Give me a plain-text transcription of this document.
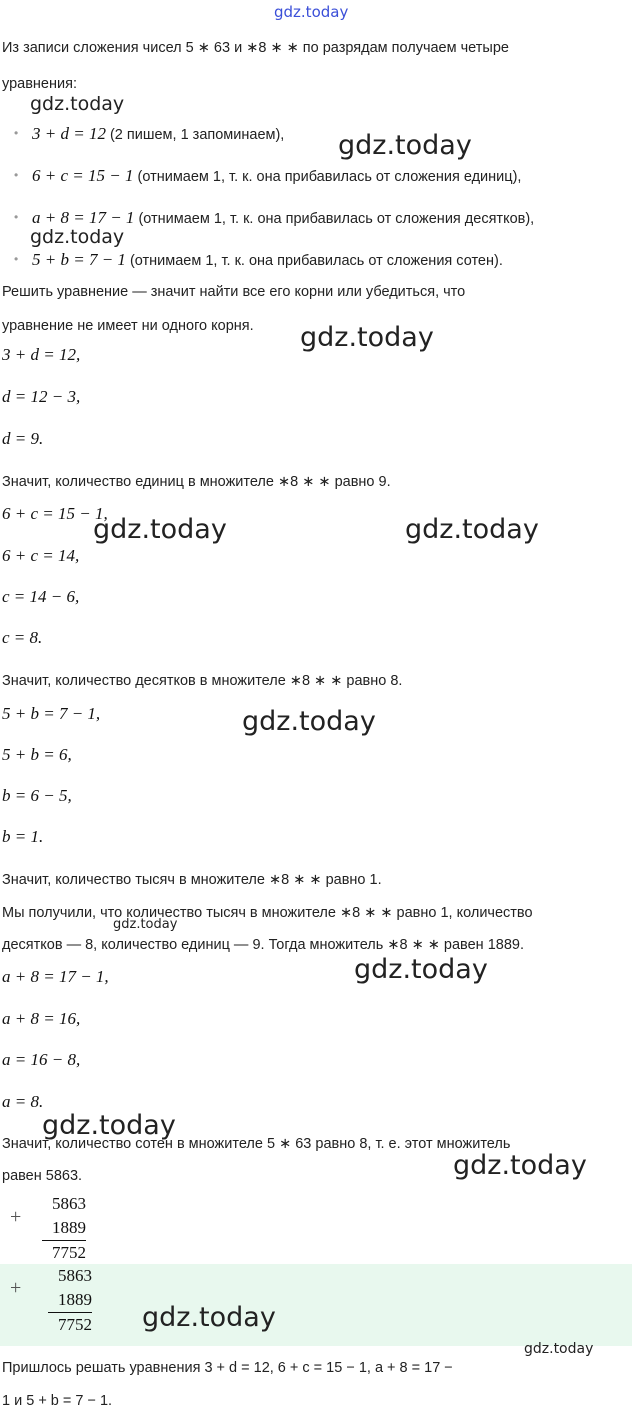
gdz.today
gdz.today
gdz.today
gdz.today
gdz.today
gdz.today	gdz.today
gdz.today
gdz.today
gdz.today
gdz.today
gdz.today
gdz.today
gdz.today
Из записи сложения чисел 5 ∗ 63 и ∗8 ∗ ∗ по разрядам получаем четыре
уравнения:
• 3 + d = 12 (2 пишем, 1 запоминаем),
• 6 + c = 15 − 1 (отнимаем 1, т. к. она прибавилась от сложения единиц),
• a + 8 = 17 − 1 (отнимаем 1, т. к. она прибавилась от сложения десятков),
• 5 + b = 7 − 1 (отнимаем 1, т. к. она прибавилась от сложения сотен).
Решить уравнение — значит найти все его корни или убедиться, что
уравнение не имеет ни одного корня.
3 + d = 12,
d = 12 − 3,
d = 9.
Значит, количество единиц в множителе ∗8 ∗ ∗ равно 9.
6 + c = 15 − 1,
6 + c = 14,
c = 14 − 6,
c = 8.
Значит, количество десятков в множителе ∗8 ∗ ∗ равно 8.
5 + b = 7 − 1,
5 + b = 6,
b = 6 − 5,
b = 1.
Значит, количество тысяч в множителе ∗8 ∗ ∗ равно 1.
Мы получили, что количество тысяч в множителе ∗8 ∗ ∗ равно 1, количество
десятков — 8, количество единиц — 9. Тогда множитель ∗8 ∗ ∗ равен 1889.
a + 8 = 17 − 1,
a + 8 = 16,
a = 16 − 8,
a = 8.
Значит, количество сотен в множителе 5 ∗ 63 равно 8, т. е. этот множитель
равен 5863.
+
5863
1889
7752
+
5863
1889
7752
Пришлось решать уравнения 3 + d = 12, 6 + c = 15 − 1, a + 8 = 17 −
1 и 5 + b = 7 − 1.
